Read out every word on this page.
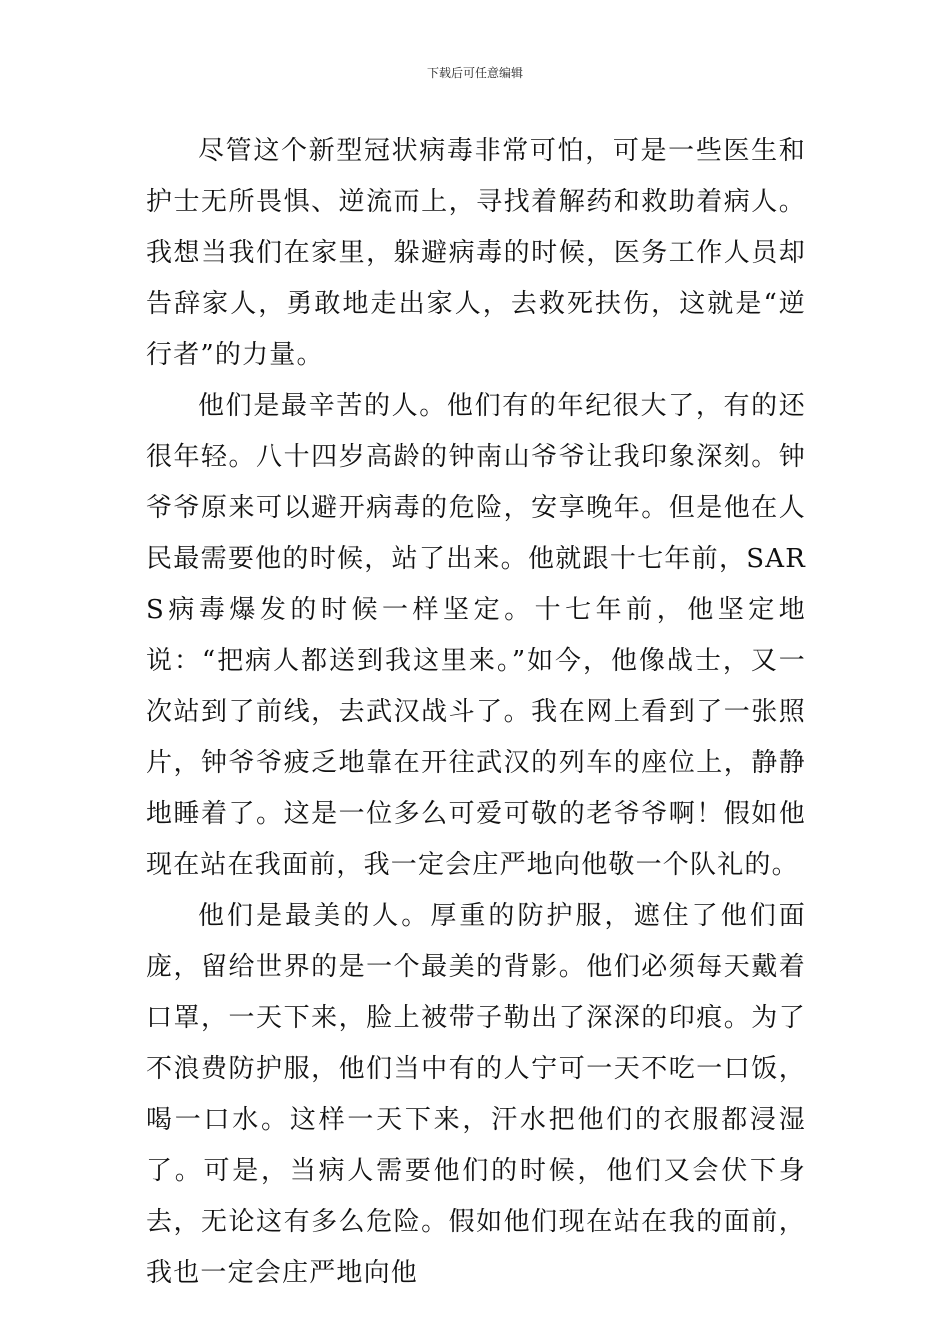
下载后可任意编辑

尽管这个新型冠状病毒非常可怕，可是一些医生和护士无所畏惧、逆流而上，寻找着解药和救助着病人。我想当我们在家里，躲避病毒的时候，医务工作人员却告辞家人，勇敢地走出家人，去救死扶伤，这就是“逆行者”的力量。

他们是最辛苦的人。他们有的年纪很大了，有的还很年轻。八十四岁高龄的钟南山爷爷让我印象深刻。钟爷爷原来可以避开病毒的危险，安享晚年。但是他在人民最需要他的时候，站了出来。他就跟十七年前，SARS病毒爆发的时候一样坚定。十七年前，他坚定地说：“把病人都送到我这里来。”如今，他像战士，又一次站到了前线，去武汉战斗了。我在网上看到了一张照片，钟爷爷疲乏地靠在开往武汉的列车的座位上，静静地睡着了。这是一位多么可爱可敬的老爷爷啊！假如他现在站在我面前，我一定会庄严地向他敬一个队礼的。

他们是最美的人。厚重的防护服，遮住了他们面庞，留给世界的是一个最美的背影。他们必须每天戴着口罩，一天下来，脸上被带子勒出了深深的印痕。为了不浪费防护服，他们当中有的人宁可一天不吃一口饭，喝一口水。这样一天下来，汗水把他们的衣服都浸湿了。可是，当病人需要他们的时候，他们又会伏下身去，无论这有多么危险。假如他们现在站在我的面前，我也一定会庄严地向他
